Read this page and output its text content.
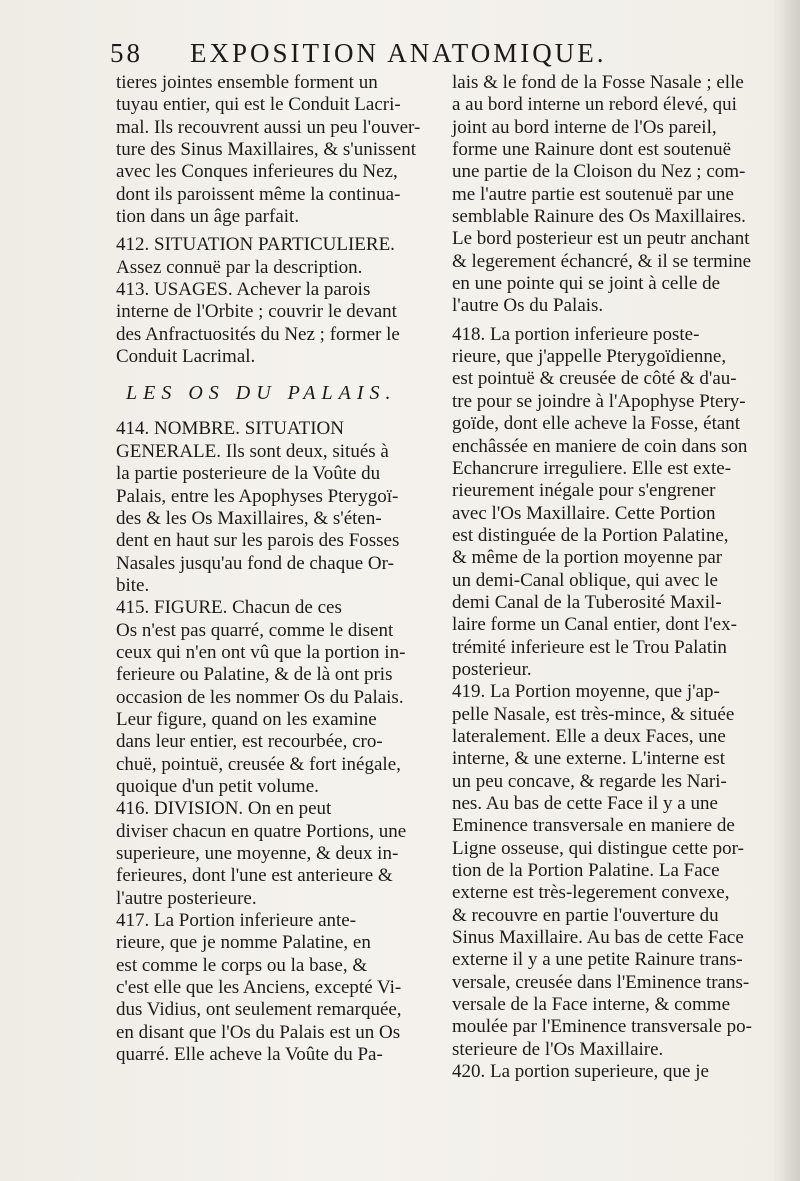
58 EXPOSITION ANATOMIQUE.
tieres jointes ensemble forment un
tuyau entier, qui est le Conduit Lacri-
mal. Ils recouvrent aussi un peu l'ouver-
ture des Sinus Maxillaires, & s'unissent
avec les Conques inferieures du Nez,
dont ils paroissent même la continua-
tion dans un âge parfait.
412. SITUATION PARTICULIERE.
Assez connuë par la description.
413. USAGES. Achever la parois
interne de l'Orbite ; couvrir le devant
des Anfractuosités du Nez ; former le
Conduit Lacrimal.
LES OS DU PALAIS.
414. NOMBRE. SITUATION
GENERALE. Ils sont deux, situés à
la partie posterieure de la Voûte du
Palais, entre les Apophyses Pterygoï-
des & les Os Maxillaires, & s'éten-
dent en haut sur les parois des Fosses
Nasales jusqu'au fond de chaque Or-
bite.
415. FIGURE. Chacun de ces
Os n'est pas quarré, comme le disent
ceux qui n'en ont vû que la portion in-
ferieure ou Palatine, & de là ont pris
occasion de les nommer Os du Palais.
Leur figure, quand on les examine
dans leur entier, est recourbée, cro-
chuë, pointuë, creusée & fort inégale,
quoique d'un petit volume.
416. DIVISION. On en peut
diviser chacun en quatre Portions, une
superieure, une moyenne, & deux in-
ferieures, dont l'une est anterieure &
l'autre posterieure.
417. La Portion inferieure ante-
rieure, que je nomme Palatine, en
est comme le corps ou la base, &
c'est elle que les Anciens, excepté Vi-
dus Vidius, ont seulement remarquée,
en disant que l'Os du Palais est un Os
quarré. Elle acheve la Voûte du Pa-
lais & le fond de la Fosse Nasale ; elle
a au bord interne un rebord élevé, qui
joint au bord interne de l'Os pareil,
forme une Rainure dont est soutenuë
une partie de la Cloison du Nez ; com-
me l'autre partie est soutenuë par une
semblable Rainure des Os Maxillaires.
Le bord posterieur est un peutr anchant
& legerement échancré, & il se termine
en une pointe qui se joint à celle de
l'autre Os du Palais.
418. La portion inferieure poste-
rieure, que j'appelle Pterygoïdienne,
est pointuë & creusée de côté & d'au-
tre pour se joindre à l'Apophyse Ptery-
goïde, dont elle acheve la Fosse, étant
enchâssée en maniere de coin dans son
Echancrure irreguliere. Elle est exte-
rieurement inégale pour s'engrener
avec l'Os Maxillaire. Cette Portion
est distinguée de la Portion Palatine,
& même de la portion moyenne par
un demi-Canal oblique, qui avec le
demi Canal de la Tuberosité Maxil-
laire forme un Canal entier, dont l'ex-
trémité inferieure est le Trou Palatin
posterieur.
419. La Portion moyenne, que j'ap-
pelle Nasale, est très-mince, & située
lateralement. Elle a deux Faces, une
interne, & une externe. L'interne est
un peu concave, & regarde les Nari-
nes. Au bas de cette Face il y a une
Eminence transversale en maniere de
Ligne osseuse, qui distingue cette por-
tion de la Portion Palatine. La Face
externe est très-legerement convexe,
& recouvre en partie l'ouverture du
Sinus Maxillaire. Au bas de cette Face
externe il y a une petite Rainure trans-
versale, creusée dans l'Eminence trans-
versale de la Face interne, & comme
moulée par l'Eminence transversale po-
sterieure de l'Os Maxillaire.
420. La portion superieure, que je
